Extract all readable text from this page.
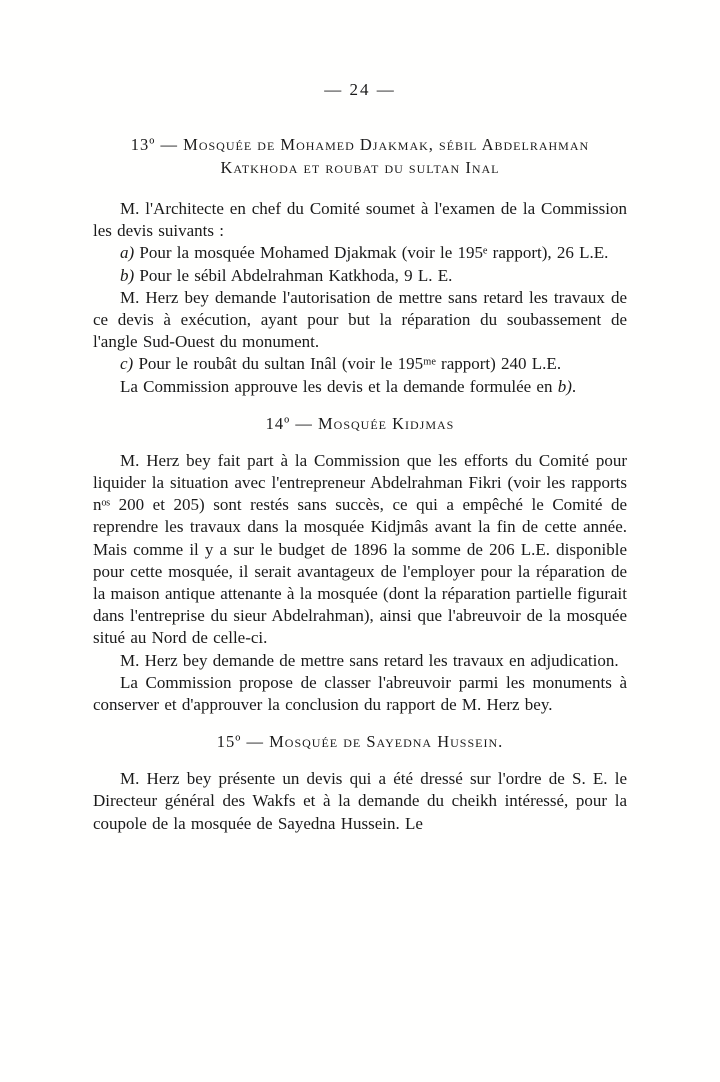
— 24 —
13º — Mosquée de Mohamed Djakmak, sébil Abdelrahman
Katkhoda et roubat du sultan Inal

M. l'Architecte en chef du Comité soumet à l'examen de la Commission les devis suivants :

a) Pour la mosquée Mohamed Djakmak (voir le 195ᵉ rapport), 26 L.E.

b) Pour le sébil Abdelrahman Katkhoda, 9 L. E.

M. Herz bey demande l'autorisation de mettre sans retard les travaux de ce devis à exécution, ayant pour but la réparation du soubassement de l'angle Sud-Ouest du monument.

c) Pour le roubât du sultan Inâl (voir le 195ᵐᵉ rapport) 240 L.E.

La Commission approuve les devis et la demande formulée en b).

14º — Mosquée Kidjmas

M. Herz bey fait part à la Commission que les efforts du Comité pour liquider la situation avec l'entrepreneur Abdelrahman Fikri (voir les rapports nᵒˢ 200 et 205) sont restés sans succès, ce qui a empêché le Comité de reprendre les travaux dans la mosquée Kidjmâs avant la fin de cette année. Mais comme il y a sur le budget de 1896 la somme de 206 L.E. disponible pour cette mosquée, il serait avantageux de l'employer pour la réparation de la maison antique attenante à la mosquée (dont la réparation partielle figurait dans l'entreprise du sieur Abdelrahman), ainsi que l'abreuvoir de la mosquée situé au Nord de celle-ci.

M. Herz bey demande de mettre sans retard les travaux en adjudication.

La Commission propose de classer l'abreuvoir parmi les monuments à conserver et d'approuver la conclusion du rapport de M. Herz bey.

15º — Mosquée de Sayedna Hussein.

M. Herz bey présente un devis qui a été dressé sur l'ordre de S. E. le Directeur général des Wakfs et à la demande du cheikh intéressé, pour la coupole de la mosquée de Sayedna Hussein. Le
